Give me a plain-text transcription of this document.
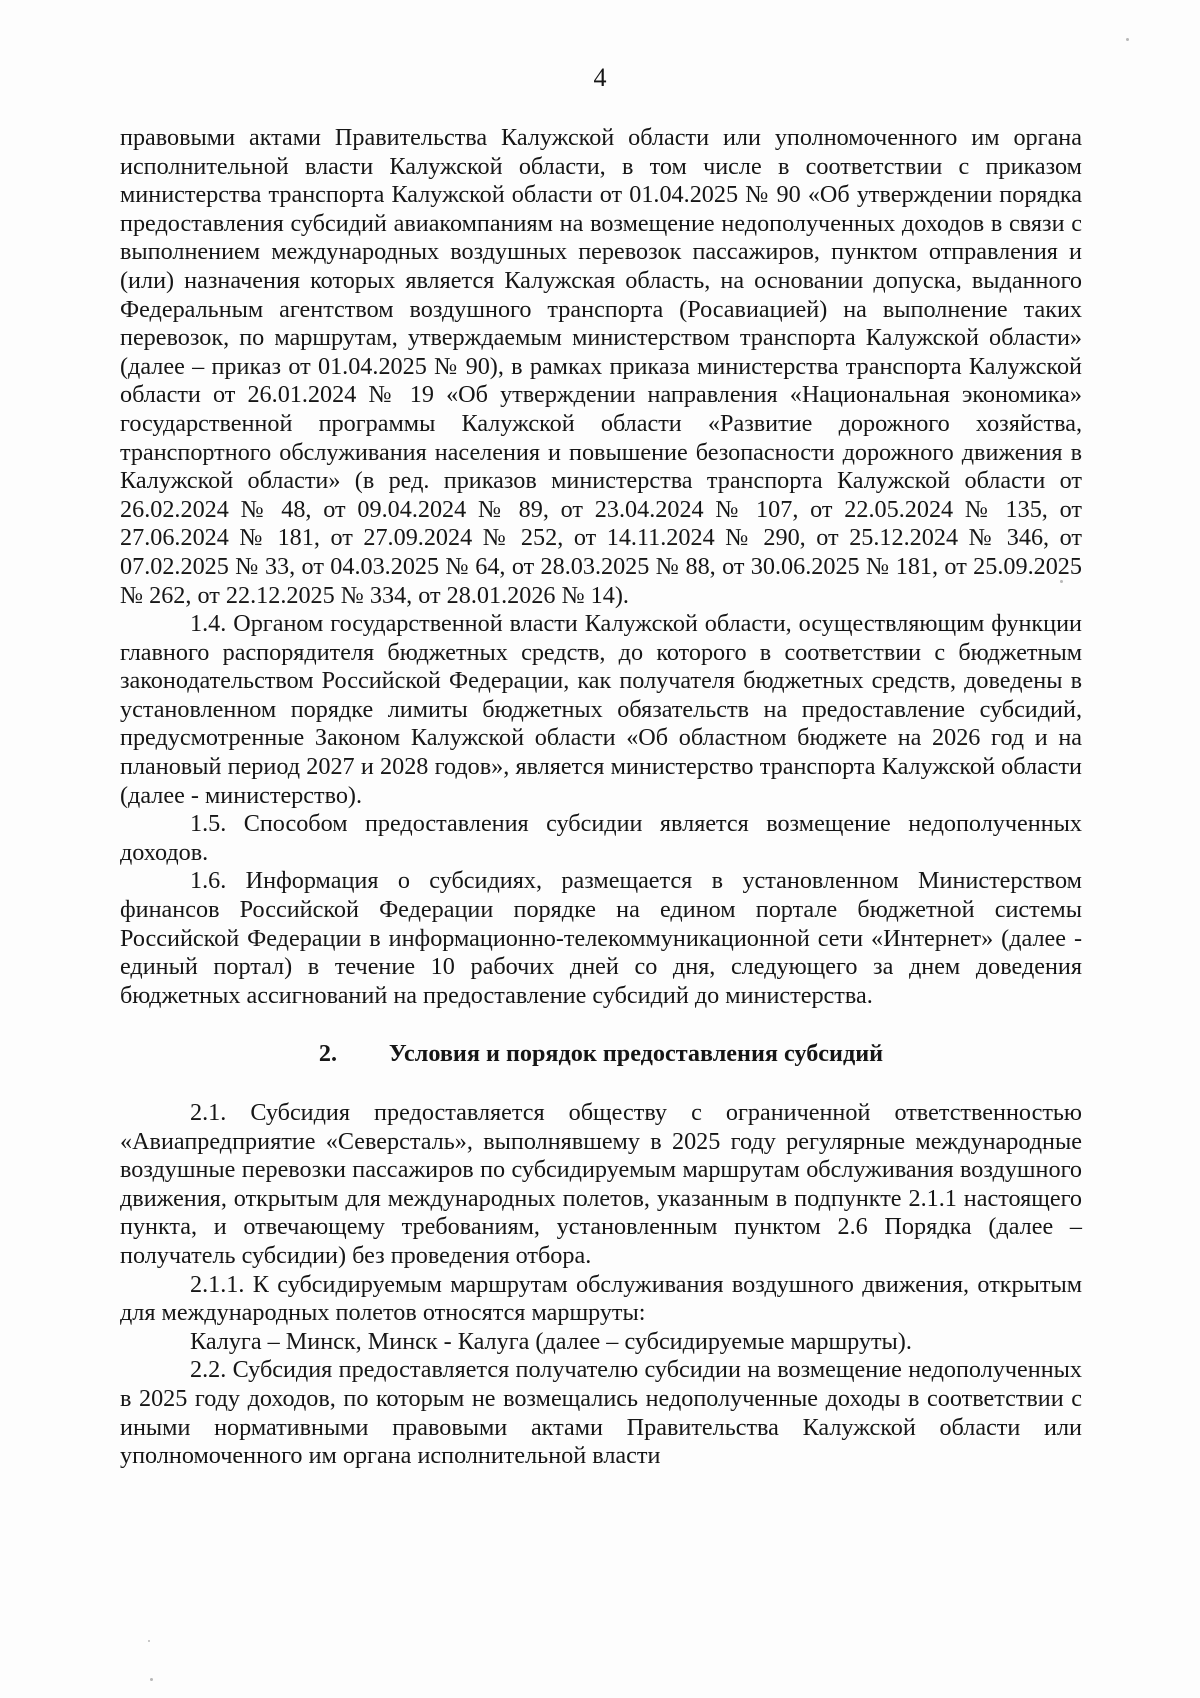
4

правовыми актами Правительства Калужской области или уполномоченного им органа исполнительной власти Калужской области, в том числе в соответствии с приказом министерства транспорта Калужской области от 01.04.2025 № 90 «Об утверждении порядка предоставления субсидий авиакомпаниям на возмещение недополученных доходов в связи с выполнением международных воздушных перевозок пассажиров, пунктом отправления и (или) назначения которых является Калужская область, на основании допуска, выданного Федеральным агентством воздушного транспорта (Росавиацией) на выполнение таких перевозок, по маршрутам, утверждаемым министерством транспорта Калужской области» (далее – приказ от 01.04.2025 № 90), в рамках приказа министерства транспорта Калужской области от 26.01.2024 № 19 «Об утверждении направления «Национальная экономика» государственной программы Калужской области «Развитие дорожного хозяйства, транспортного обслуживания населения и повышение безопасности дорожного движения в Калужской области» (в ред. приказов министерства транспорта Калужской области от 26.02.2024 № 48, от 09.04.2024 № 89, от 23.04.2024 № 107, от 22.05.2024 № 135, от 27.06.2024 № 181, от 27.09.2024 № 252, от 14.11.2024 № 290, от 25.12.2024 № 346, от 07.02.2025 № 33, от 04.03.2025 № 64, от 28.03.2025 № 88, от 30.06.2025 № 181, от 25.09.2025 № 262, от 22.12.2025 № 334, от 28.01.2026 № 14).

1.4. Органом государственной власти Калужской области, осуществляющим функции главного распорядителя бюджетных средств, до которого в соответствии с бюджетным законодательством Российской Федерации, как получателя бюджетных средств, доведены в установленном порядке лимиты бюджетных обязательств на предоставление субсидий, предусмотренные Законом Калужской области «Об областном бюджете на 2026 год и на плановый период 2027 и 2028 годов», является министерство транспорта Калужской области (далее - министерство).

1.5. Способом предоставления субсидии является возмещение недополученных доходов.

1.6. Информация о субсидиях, размещается в установленном Министерством финансов Российской Федерации порядке на едином портале бюджетной системы Российской Федерации в информационно-телекоммуникационной сети «Интернет» (далее - единый портал) в течение 10 рабочих дней со дня, следующего за днем доведения бюджетных ассигнований на предоставление субсидий до министерства.

2. Условия и порядок предоставления субсидий

2.1. Субсидия предоставляется обществу с ограниченной ответственностью «Авиапредприятие «Северсталь», выполнявшему в 2025 году регулярные международные воздушные перевозки пассажиров по субсидируемым маршрутам обслуживания воздушного движения, открытым для международных полетов, указанным в подпункте 2.1.1 настоящего пункта, и отвечающему требованиям, установленным пунктом 2.6 Порядка (далее – получатель субсидии) без проведения отбора.

2.1.1. К субсидируемым маршрутам обслуживания воздушного движения, открытым для международных полетов относятся маршруты:

Калуга – Минск, Минск - Калуга (далее – субсидируемые маршруты).

2.2. Субсидия предоставляется получателю субсидии на возмещение недополученных в 2025 году доходов, по которым не возмещались недополученные доходы в соответствии с иными нормативными правовыми актами Правительства Калужской области или уполномоченного им органа исполнительной власти
